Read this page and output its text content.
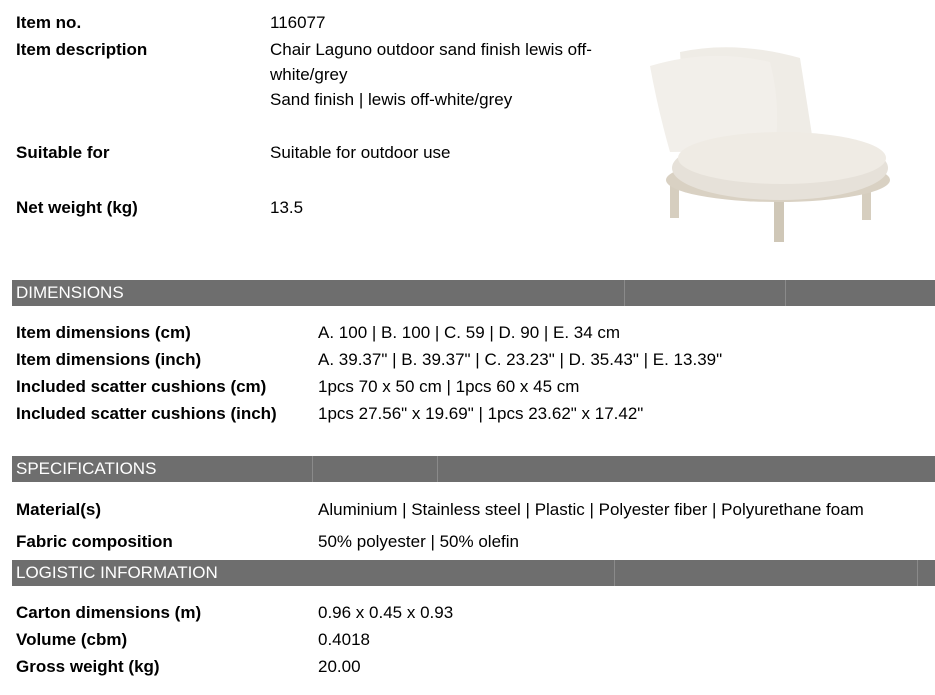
Item no.	116077
Item description	Chair Laguno outdoor sand finish lewis off-white/grey
Sand finish | lewis off-white/grey
Suitable for	Suitable for outdoor use
Net weight (kg)	13.5
DIMENSIONS
Item dimensions (cm)	A. 100 | B. 100 | C. 59 | D. 90 | E. 34 cm
Item dimensions (inch)	A. 39.37" | B. 39.37" | C. 23.23" | D. 35.43" | E. 13.39"
Included scatter cushions (cm)	1pcs 70 x 50 cm | 1pcs 60 x 45 cm
Included scatter cushions (inch) 1pcs 27.56" x 19.69" | 1pcs 23.62" x 17.42"
SPECIFICATIONS
Material(s)	Aluminium | Stainless steel | Plastic | Polyester fiber | Polyurethane foam
Fabric composition	50% polyester | 50% olefin
LOGISTIC INFORMATION
Carton dimensions (m)	0.96 x 0.45 x 0.93
Volume (cbm)	0.4018
Gross weight (kg)	20.00
